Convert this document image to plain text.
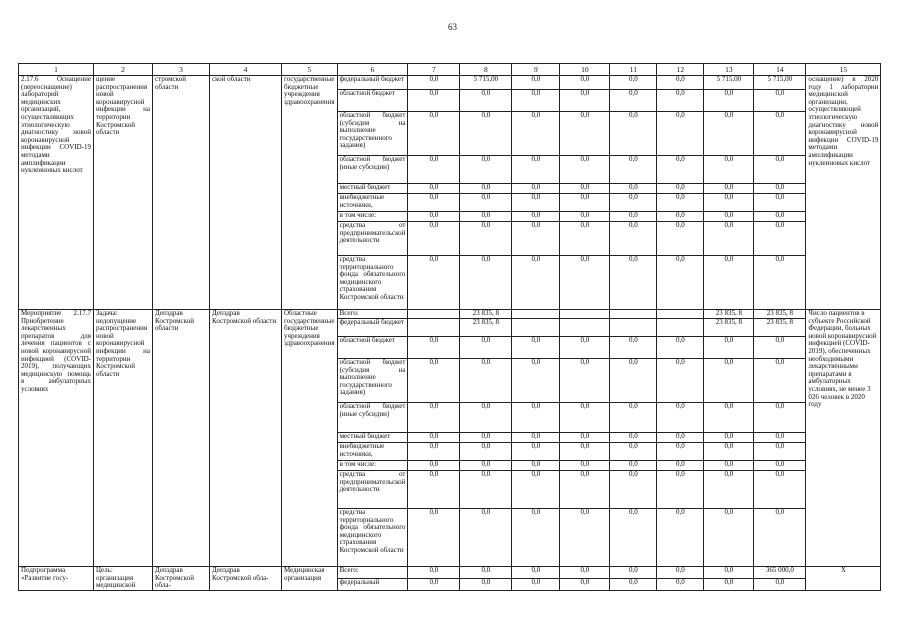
63
1	2	3	4	5	6	7	8	9	10	11	12	13	14	15
2.17.6 Оснащение (переоснащение) лабораторий медицинских организаций, осуществляющих этиологическую диагностику новой коронавирусной инфекции COVID-19 методами амплификации нуклеиновых кислот	щение распространения новой коронавирусной инфекции на территории Костромской области	стромской области	ской области	государственные бюджетные учреждения здравоохранения	федеральный бюджет	0,0	5 715,00	0,0	0,0	0,0	0,0	5 715,00	5 715,00	оснащение) в 2020 году 1 лаборатории медицинской организации, осуществляющей этиологическую диагностику новой коронавирусной инфекции COVID-19 методами амплификации нуклеиновых кислот
					областной бюджет	0,0	0,0	0,0	0,0	0,0	0,0	0,0	0,0	
					областной бюджет (субсидия на выполнение государственного задания)	0,0	0,0	0,0	0,0	0,0	0,0	0,0	0,0	
					областной бюджет (иные субсидии)	0,0	0,0	0,0	0,0	0,0	0,0	0,0	0,0	
					местный бюджет	0,0	0,0	0,0	0,0	0,0	0,0	0,0	0,0	
					внебюджетные источники,	0,0	0,0	0,0	0,0	0,0	0,0	0,0	0,0	
					в том числе:	0,0	0,0	0,0	0,0	0,0	0,0	0,0	0,0	
					средства от предпринимательской деятельности	0,0	0,0	0,0	0,0	0,0	0,0	0,0	0,0	
					средства территориального фонда обязательного медицинского страхования Костромской области	0,0	0,0	0,0	0,0	0,0	0,0	0,0	0,0	
Мероприятие 2.17.7 Приобретение лекарственных препаратов для лечения пациентов с новой коронавирусной инфекцией (COVID-2019), получающих медицинскую помощь в амбулаторных условиях	Задача: недопущение распространения новой коронавирусной инфекции на территории Костромской области	Депздрав Костромской области	Депздрав Костромской области	Областные государственные бюджетные учреждения здравоохранения	Всего:		23 835, 8					23 835, 8	23 835, 8	Число пациентов в субъекте Российской Федерации, больных новой коронавирусной инфекцией (COVID-2019), обеспеченных необходимыми лекарственными препаратами в амбулаторных условиях, не менее 3 026 человек в 2020 году
					федеральный бюджет		23 835, 8					23 835, 8	23 835, 8	
					областной бюджет	0,0	0,0	0,0	0,0	0,0	0,0	0,0	0,0	
					областной бюджет (субсидия на выполнение государственного задания)	0,0	0,0	0,0	0,0	0,0	0,0	0,0	0,0	
					областной бюджет (иные субсидии)	0,0	0,0	0,0	0,0	0,0	0,0	0,0	0,0	
					местный бюджет	0,0	0,0	0,0	0,0	0,0	0,0	0,0	0,0	
					внебюджетные источники,	0,0	0,0	0,0	0,0	0,0	0,0	0,0	0,0	
					в том числе:	0,0	0,0	0,0	0,0	0,0	0,0	0,0	0,0	
					средства от предпринимательской деятельности	0,0	0,0	0,0	0,0	0,0	0,0	0,0	0,0	
					средства территориального фонда обязательного медицинского страхования Костромской области	0,0	0,0	0,0	0,0	0,0	0,0	0,0	0,0	
Подпрограмма «Развитие госу-	Цель: организация медицинской	Депздрав Костромской обла-	Депздрав Костромской обла-	Медицинская организация	Всего:	0,0	0,0	0,0	0,0	0,0	0,0	0,0	365 000,0	X
					федеральный	0,0	0,0	0,0	0,0	0,0	0,0	0,0	0,0	
